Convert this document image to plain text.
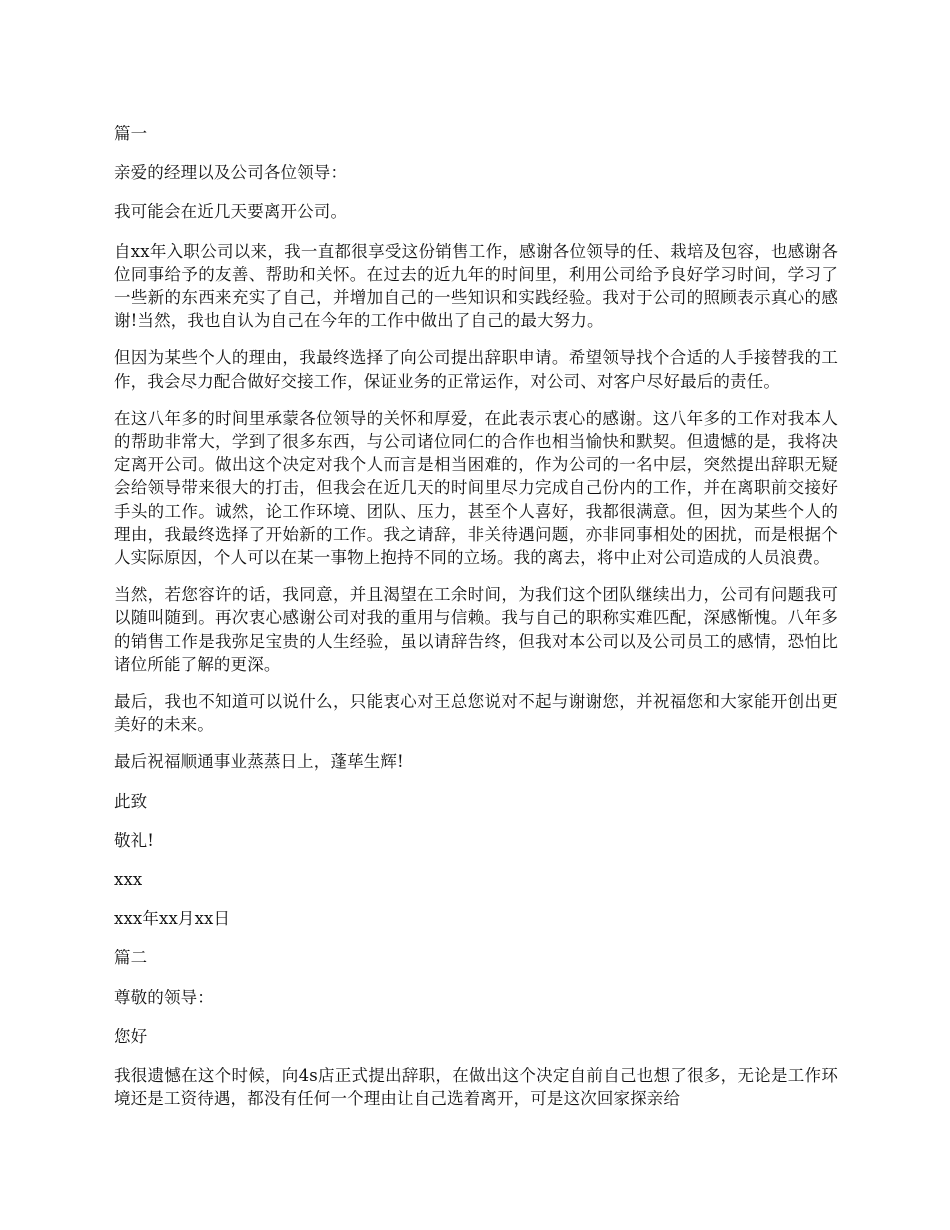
篇一

亲爱的经理以及公司各位领导：

我可能会在近几天要离开公司。

自xx年入职公司以来，我一直都很享受这份销售工作，感谢各位领导的任、栽培及包容，也感谢各位同事给予的友善、帮助和关怀。在过去的近九年的时间里，利用公司给予良好学习时间，学习了一些新的东西来充实了自己，并增加自己的一些知识和实践经验。我对于公司的照顾表示真心的感谢!当然，我也自认为自己在今年的工作中做出了自己的最大努力。

但因为某些个人的理由，我最终选择了向公司提出辞职申请。希望领导找个合适的人手接替我的工作，我会尽力配合做好交接工作，保证业务的正常运作，对公司、对客户尽好最后的责任。

在这八年多的时间里承蒙各位领导的关怀和厚爱，在此表示衷心的感谢。这八年多的工作对我本人的帮助非常大，学到了很多东西，与公司诸位同仁的合作也相当愉快和默契。但遗憾的是，我将决定离开公司。做出这个决定对我个人而言是相当困难的，作为公司的一名中层，突然提出辞职无疑会给领导带来很大的打击，但我会在近几天的时间里尽力完成自己份内的工作，并在离职前交接好手头的工作。诚然，论工作环境、团队、压力，甚至个人喜好，我都很满意。但，因为某些个人的理由，我最终选择了开始新的工作。我之请辞，非关待遇问题，亦非同事相处的困扰，而是根据个人实际原因，个人可以在某一事物上抱持不同的立场。我的离去，将中止对公司造成的人员浪费。

当然，若您容许的话，我同意，并且渴望在工余时间，为我们这个团队继续出力，公司有问题我可以随叫随到。再次衷心感谢公司对我的重用与信赖。我与自己的职称实难匹配，深感惭愧。八年多的销售工作是我弥足宝贵的人生经验，虽以请辞告终，但我对本公司以及公司员工的感情，恐怕比诸位所能了解的更深。

最后，我也不知道可以说什么，只能衷心对王总您说对不起与谢谢您，并祝福您和大家能开创出更美好的未来。

最后祝福顺通事业蒸蒸日上，蓬荜生辉!

此致

敬礼!

xxx

xxx年xx月xx日

篇二

尊敬的领导：

您好

我很遗憾在这个时候，向4s店正式提出辞职，在做出这个决定自前自己也想了很多，无论是工作环境还是工资待遇，都没有任何一个理由让自己选着离开，可是这次回家探亲给
